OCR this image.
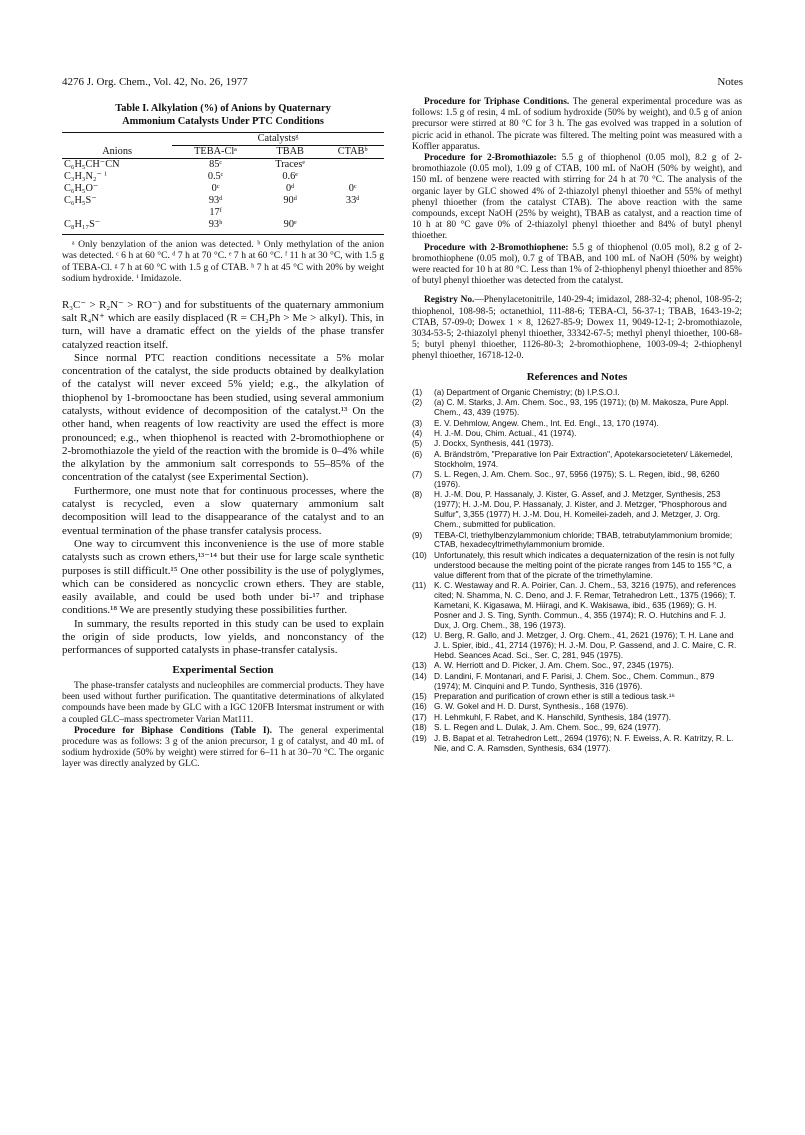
4276 J. Org. Chem., Vol. 42, No. 26, 1977	Notes
Table I. Alkylation (%) of Anions by Quaternary
Ammonium Catalysts Under PTC Conditions
	Catalystsᵍ		
Anions	TEBA-Clᵃ	TBAB	CTABᵇ
C₆H₅CH⁻CN	85ᶜ	Tracesᵉ	
C₃H₃N₂⁻ ⁱ	0.5ᶜ	0.6ᵉ	
C₆H₅O⁻	0ᶜ	0ᵈ	0ᶜ
C₆H₅S⁻	93ᵈ	90ᵈ	33ᵈ
	17ᶠ		
C₈H₁₇S⁻	93ʰ	90ᵉ	
ᵃ Only benzylation of the anion was detected. ᵇ Only methylation of the anion was detected. ᶜ 6 h at 60 °C. ᵈ 7 h at 70 °C. ᵉ 7 h at 60 °C. ᶠ 11 h at 30 °C, with 1.5 g of TEBA-Cl. ᵍ 7 h at 60 °C with 1.5 g of CTAB. ʰ 7 h at 45 °C with 20% by weight sodium hydroxide. ⁱ Imidazole.

R₃C⁻ > R₂N⁻ > RO⁻) and for substituents of the quaternary ammonium salt R₄N⁺ which are easily displaced (R = CH₂Ph > Me > alkyl). This, in turn, will have a dramatic effect on the yields of the phase transfer catalyzed reaction itself.

Since normal PTC reaction conditions necessitate a 5% molar concentration of the catalyst, the side products obtained by dealkylation of the catalyst will never exceed 5% yield; e.g., the alkylation of thiophenol by 1-bromooctane has been studied, using several ammonium catalysts, without evidence of decomposition of the catalyst.¹³ On the other hand, when reagents of low reactivity are used the effect is more pronounced; e.g., when thiophenol is reacted with 2-bromothiophene or 2-bromothiazole the yield of the reaction with the bromide is 0–4% while the alkylation by the ammonium salt corresponds to 55–85% of the concentration of the catalyst (see Experimental Section).

Furthermore, one must note that for continuous processes, where the catalyst is recycled, even a slow quaternary ammonium salt decomposition will lead to the disappearance of the catalyst and to an eventual termination of the phase transfer catalysis process.

One way to circumvent this inconvenience is the use of more stable catalysts such as crown ethers,¹³⁻¹⁴ but their use for large scale synthetic purposes is still difficult.¹⁵ One other possibility is the use of polyglymes, which can be considered as noncyclic crown ethers. They are stable, easily available, and could be used both under bi-¹⁷ and triphase conditions.¹⁸ We are presently studying these possibilities further.

In summary, the results reported in this study can be used to explain the origin of side products, low yields, and nonconstancy of the performances of supported catalysts in phase-transfer catalysis.

Experimental Section

The phase-transfer catalysts and nucleophiles are commercial products. They have been used without further purification. The quantitative determinations of alkylated compounds have been made by GLC with a IGC 120FB Intersmat instrument or with a coupled GLC–mass spectrometer Varian Mat111.

Procedure for Biphase Conditions (Table I). The general experimental procedure was as follows: 3 g of the anion precursor, 1 g of catalyst, and 40 mL of sodium hydroxide (50% by weight) were stirred for 6–11 h at 30–70 °C. The organic layer was directly analyzed by GLC.

Procedure for Triphase Conditions. The general experimental procedure was as follows: 1.5 g of resin, 4 mL of sodium hydroxide (50% by weight), and 0.5 g of anion precursor were stirred at 80 °C for 3 h. The gas evolved was trapped in a solution of picric acid in ethanol. The picrate was filtered. The melting point was measured with a Koffler apparatus.

Procedure for 2-Bromothiazole: 5.5 g of thiophenol (0.05 mol), 8.2 g of 2-bromothiazole (0.05 mol), 1.09 g of CTAB, 100 mL of NaOH (50% by weight), and 150 mL of benzene were reacted with stirring for 24 h at 70 °C. The analysis of the organic layer by GLC showed 4% of 2-thiazolyl phenyl thioether and 55% of methyl phenyl thioether (from the catalyst CTAB). The above reaction with the same compounds, except NaOH (25% by weight), TBAB as catalyst, and a reaction time of 10 h at 80 °C gave 0% of 2-thiazolyl phenyl thioether and 84% of butyl phenyl thioether.

Procedure with 2-Bromothiophene: 5.5 g of thiophenol (0.05 mol), 8.2 g of 2-bromothiophene (0.05 mol), 0.7 g of TBAB, and 100 mL of NaOH (50% by weight) were reacted for 10 h at 80 °C. Less than 1% of 2-thiophenyl phenyl thioether and 85% of butyl phenyl thioether was detected from the catalyst.

Registry No.—Phenylacetonitrile, 140-29-4; imidazol, 288-32-4; phenol, 108-95-2; thiophenol, 108-98-5; octanethiol, 111-88-6; TEBA-Cl, 56-37-1; TBAB, 1643-19-2; CTAB, 57-09-0; Dowex 1 × 8, 12627-85-9; Dowex 11, 9049-12-1; 2-bromothiazole, 3034-53-5; 2-thiazolyl phenyl thioether, 33342-67-5; methyl phenyl thioether, 100-68-5; butyl phenyl thioether, 1126-80-3; 2-bromothiophene, 1003-09-4; 2-thiophenyl phenyl thioether, 16718-12-0.

References and Notes
(1) (a) Department of Organic Chemistry; (b) I.P.S.O.I.
(2) (a) C. M. Starks, J. Am. Chem. Soc., 93, 195 (1971); (b) M. Makosza, Pure Appl. Chem., 43, 439 (1975).
(3) E. V. Dehmlow, Angew. Chem., Int. Ed. Engl., 13, 170 (1974).
(4) H. J.-M. Dou, Chim. Actual., 41 (1974).
(5) J. Dockx, Synthesis, 441 (1973).
(6) A. Brändström, "Preparative Ion Pair Extraction", Apotekarsocieteten/ Läkemedel, Stockholm, 1974.
(7) S. L. Regen, J. Am. Chem. Soc., 97, 5956 (1975); S. L. Regen, ibid., 98, 6260 (1976).
(8) H. J.-M. Dou, P. Hassanaly, J. Kister, G. Assef, and J. Metzger, Synthesis, 253 (1977); H. J.-M. Dou, P. Hassanaly, J. Kister, and J. Metzger, "Phosphorous and Sulfur", 3,355 (1977) H. J.-M. Dou, H. Komeilei-zadeh, and J. Metzger, J. Org. Chem., submitted for publication.
(9) TEBA-Cl, triethylbenzylammonium chloride; TBAB, tetrabutylammonium bromide; CTAB, hexadecyltrimethylammonium bromide.
(10) Unfortunately, this result which indicates a dequaternization of the resin is not fully understood because the melting point of the picrate ranges from 145 to 155 °C, a value different from that of the picrate of the trimethylamine.
(11) K. C. Westaway and R. A. Poirier, Can. J. Chem., 53, 3216 (1975), and references cited; N. Shamma, N. C. Deno, and J. F. Remar, Tetrahedron Lett., 1375 (1966); T. Kametani, K. Kigasawa, M. Hiiragi, and K. Wakisawa, ibid., 635 (1969); G. H. Posner and J. S. Ting, Synth. Commun., 4, 355 (1974); R. O. Hutchins and F. J. Dux, J. Org. Chem., 38, 196 (1973).
(12) U. Berg, R. Gallo, and J. Metzger, J. Org. Chem., 41, 2621 (1976); T. H. Lane and J. L. Spier, ibid., 41, 2714 (1976); H. J.-M. Dou, P. Gassend, and J. C. Maire, C. R. Hebd. Seances Acad. Sci., Ser. C, 281, 945 (1975).
(13) A. W. Herriott and D. Picker, J. Am. Chem. Soc., 97, 2345 (1975).
(14) D. Landini, F. Montanari, and F. Parisi, J. Chem. Soc., Chem. Commun., 879 (1974); M. Cinquini and P. Tundo, Synthesis, 316 (1976).
(15) Preparation and purification of crown ether is still a tedious task.¹⁶
(16) G. W. Gokel and H. D. Durst, Synthesis., 168 (1976).
(17) H. Lehmkuhl, F. Rabet, and K. Hanschild, Synthesis, 184 (1977).
(18) S. L. Regen and L. Dulak, J. Am. Chem. Soc., 99, 624 (1977).
(19) J. B. Bapat et al. Tetrahedron Lett., 2694 (1976); N. F. Eweiss, A. R. Katritzy, R. L. Nie, and C. A. Ramsden, Synthesis, 634 (1977).
